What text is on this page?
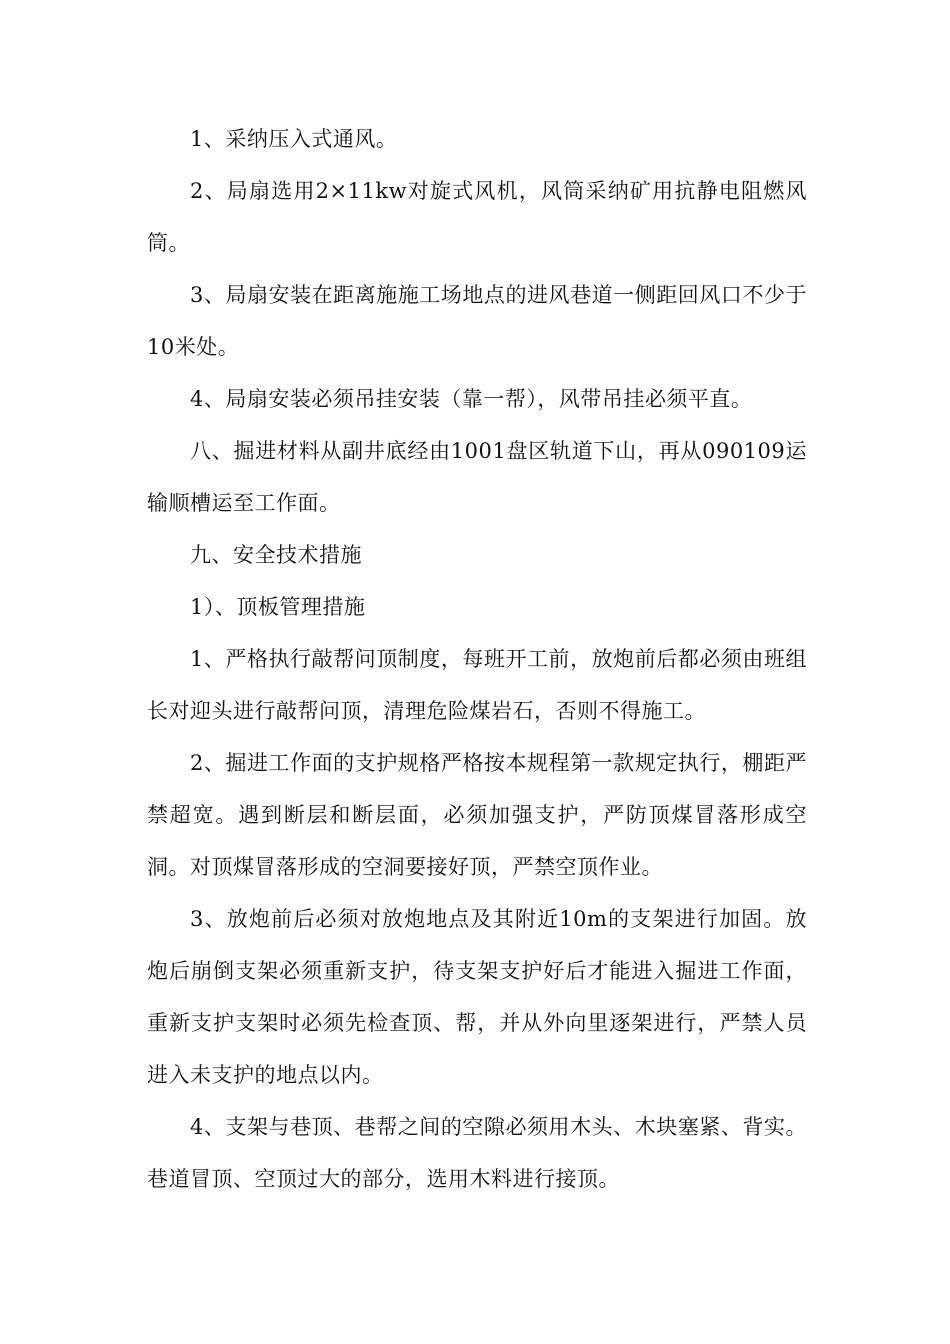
1、采纳压入式通风。

2、局扇选用2×11kw对旋式风机，风筒采纳矿用抗静电阻燃风筒。

3、局扇安装在距离施施工场地点的进风巷道一侧距回风口不少于10米处。

4、局扇安装必须吊挂安装（靠一帮），风带吊挂必须平直。

八、掘进材料从副井底经由1001盘区轨道下山，再从090109运输顺槽运至工作面。

九、安全技术措施

1）、顶板管理措施

1、严格执行敲帮问顶制度，每班开工前，放炮前后都必须由班组长对迎头进行敲帮问顶，清理危险煤岩石，否则不得施工。

2、掘进工作面的支护规格严格按本规程第一款规定执行，棚距严禁超宽。遇到断层和断层面，必须加强支护，严防顶煤冒落形成空洞。对顶煤冒落形成的空洞要接好顶，严禁空顶作业。

3、放炮前后必须对放炮地点及其附近10m的支架进行加固。放炮后崩倒支架必须重新支护，待支架支护好后才能进入掘进工作面，重新支护支架时必须先检查顶、帮，并从外向里逐架进行，严禁人员进入未支护的地点以内。

4、支架与巷顶、巷帮之间的空隙必须用木头、木块塞紧、背实。巷道冒顶、空顶过大的部分，选用木料进行接顶。
